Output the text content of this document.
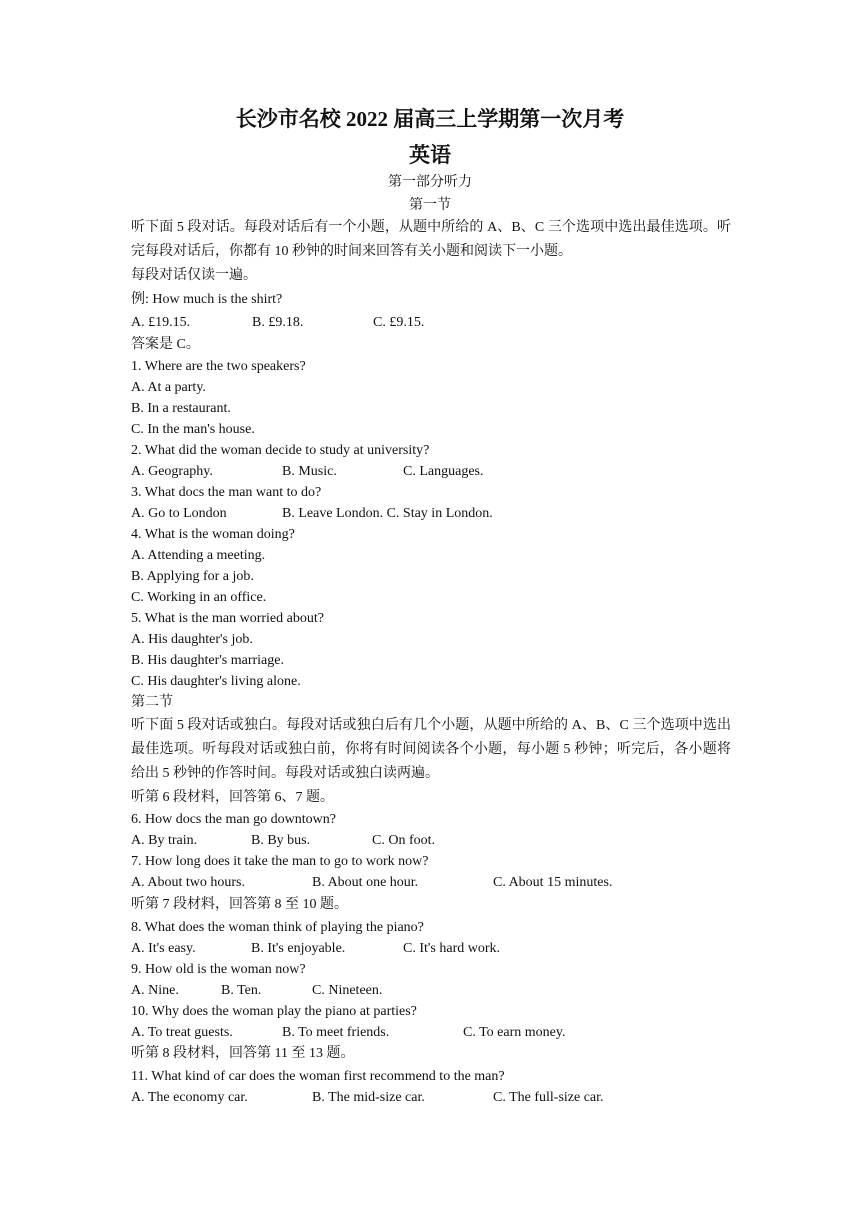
长沙市名校 2022 届高三上学期第一次月考
英语
第一部分听力
第一节
听下面 5 段对话。每段对话后有一个小题，从题中所给的 A、B、C 三个选项中选出最佳选项。听完每段对话后，你都有 10 秒钟的时间来回答有关小题和阅读下一小题。
每段对话仅读一遍。
例: How much is the shirt?
A. £19.15.	B. £9.18.	C. £9.15.
答案是 C。
1. Where are the two speakers?
A. At a party.
B. In a restaurant.
C. In the man's house.
2. What did the woman decide to study at university?
A. Geography.	B. Music.	C. Languages.
3. What docs the man want to do?
A. Go to London	B. Leave London. C. Stay in London.
4. What is the woman doing?
A. Attending a meeting.
B. Applying for a job.
C. Working in an office.
5. What is the man worried about?
A. His daughter's job.
B. His daughter's marriage.
C. His daughter's living alone.
第二节
听下面 5 段对话或独白。每段对话或独白后有几个小题，从题中所给的 A、B、C 三个选项中选出最佳选项。听每段对话或独白前，你将有时间阅读各个小题，每小题 5 秒钟；听完后，各小题将给出 5 秒钟的作答时间。每段对话或独白读两遍。
听第 6 段材料，回答第 6、7 题。
6. How docs the man go downtown?
A. By train.	B. By bus.	C. On foot.
7. How long does it take the man to go to work now?
A. About two hours.	B. About one hour.	C. About 15 minutes.
听第 7 段材料，回答第 8 至 10 题。
8. What does the woman think of playing the piano?
A. It's easy.	B. It's enjoyable.	C. It's hard work.
9. How old is the woman now?
A. Nine.	B. Ten.	C. Nineteen.
10. Why does the woman play the piano at parties?
A. To treat guests.	B. To meet friends.	C. To earn money.
听第 8 段材料，回答第 11 至 13 题。
11. What kind of car does the woman first recommend to the man?
A. The economy car.	B. The mid-size car.	C. The full-size car.
